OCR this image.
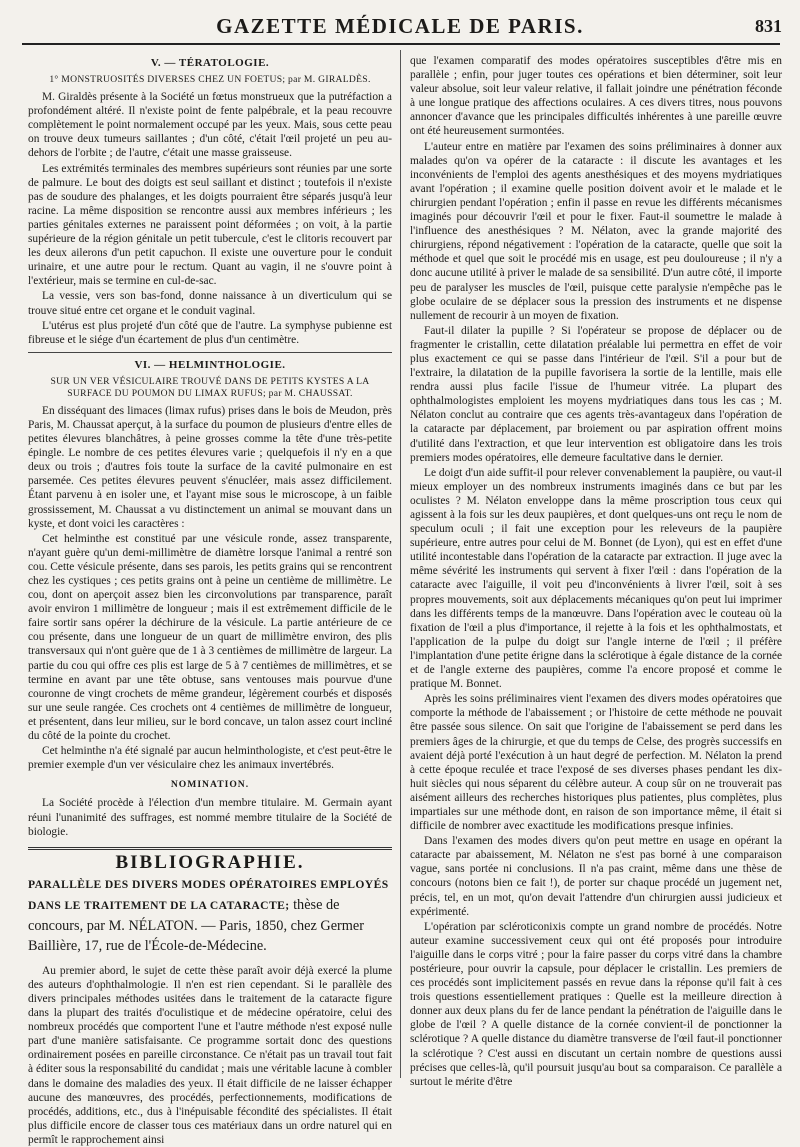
GAZETTE MÉDICALE DE PARIS.	831
V. — TÉRATOLOGIE.
1° MONSTRUOSITÉS DIVERSES CHEZ UN FOETUS; par M. GIRALDÈS.

M. Giraldès présente à la Société un fœtus monstrueux que la putréfaction a profondément altéré. Il n'existe point de fente palpébrale, et la peau recouvre complètement le point normalement occupé par les yeux. Mais, sous cette peau on trouve deux tumeurs saillantes ; d'un côté, c'était l'œil projeté un peu au-dehors de l'orbite ; de l'autre, c'était une masse graisseuse.

Les extrémités terminales des membres supérieurs sont réunies par une sorte de palmure. Le bout des doigts est seul saillant et distinct ; toutefois il n'existe pas de soudure des phalanges, et les doigts pourraient être séparés jusqu'à leur racine. La même disposition se rencontre aussi aux membres inférieurs ; les parties génitales externes ne paraissent point déformées ; on voit, à la partie supérieure de la région génitale un petit tubercule, c'est le clitoris recouvert par les deux ailerons d'un petit capuchon. Il existe une ouverture pour le conduit urinaire, et une autre pour le rectum. Quant au vagin, il ne s'ouvre point à l'extérieur, mais se termine en cul-de-sac.

La vessie, vers son bas-fond, donne naissance à un diverticulum qui se trouve situé entre cet organe et le conduit vaginal.

L'utérus est plus projeté d'un côté que de l'autre. La symphyse pubienne est fibreuse et le siége d'un écartement de plus d'un centimètre.

VI. — HELMINTHOLOGIE.
SUR UN VER VÉSICULAIRE TROUVÉ DANS DE PETITS KYSTES A LA SURFACE DU POUMON DU LIMAX RUFUS; par M. CHAUSSAT.

En disséquant des limaces (limax rufus) prises dans le bois de Meudon, près Paris, M. Chaussat aperçut, à la surface du poumon de plusieurs d'entre elles de petites élevures blanchâtres, à peine grosses comme la tête d'une très-petite épingle. Le nombre de ces petites élevures varie ; quelquefois il n'y en a que deux ou trois ; d'autres fois toute la surface de la cavité pulmonaire en est parsemée. Ces petites élevures peuvent s'énucléer, mais assez difficilement. Étant parvenu à en isoler une, et l'ayant mise sous le microscope, à un faible grossissement, M. Chaussat a vu distinctement un animal se mouvant dans un kyste, et dont voici les caractères :

Cet helminthe est constitué par une vésicule ronde, assez transparente, n'ayant guère qu'un demi-millimètre de diamètre lorsque l'animal a rentré son cou. Cette vésicule présente, dans ses parois, les petits grains qui se rencontrent chez les cystiques ; ces petits grains ont à peine un centième de millimètre. Le cou, dont on aperçoit assez bien les circonvolutions par transparence, paraît avoir environ 1 millimètre de longueur ; mais il est extrêmement difficile de le faire sortir sans opérer la déchirure de la vésicule. La partie antérieure de ce cou présente, dans une longueur de un quart de millimètre environ, des plis transversaux qui n'ont guère que de 1 à 3 centièmes de millimètre de largeur. La partie du cou qui offre ces plis est large de 5 à 7 centièmes de millimètres, et se termine en avant par une tête obtuse, sans ventouses mais pourvue d'une couronne de vingt crochets de même grandeur, légèrement courbés et disposés sur une seule rangée. Ces crochets ont 4 centièmes de millimètre de longueur, et présentent, dans leur milieu, sur le bord concave, un talon assez court incliné du côté de la pointe du crochet.

Cet helminthe n'a été signalé par aucun helminthologiste, et c'est peut-être le premier exemple d'un ver vésiculaire chez les animaux invertébrés.

NOMINATION.

La Société procède à l'élection d'un membre titulaire. M. Germain ayant réuni l'unanimité des suffrages, est nommé membre titulaire de la Société de biologie.

BIBLIOGRAPHIE.
PARALLÈLE DES DIVERS MODES OPÉRATOIRES EMPLOYÉS DANS LE TRAITEMENT DE LA CATARACTE; thèse de concours, par M. NÉLATON. — Paris, 1850, chez Germer Baillière, 17, rue de l'École-de-Médecine.

Au premier abord, le sujet de cette thèse paraît avoir déjà exercé la plume des auteurs d'ophthalmologie. Il n'en est rien cependant. Si le parallèle des divers principales méthodes usitées dans le traitement de la cataracte figure dans la plupart des traités d'oculistique et de médecine opératoire, celui des nombreux procédés que comportent l'une et l'autre méthode n'est exposé nulle part d'une manière satisfaisante. Ce programme sortait donc des questions ordinairement posées en pareille circonstance. Ce n'était pas un travail tout fait à éditer sous la responsabilité du candidat ; mais une véritable lacune à combler dans le domaine des maladies des yeux. Il était difficile de ne laisser échapper aucune des manœuvres, des procédés, perfectionnements, modifications de procédés, additions, etc., dus à l'inépuisable fécondité des spécialistes. Il était plus difficile encore de classer tous ces matériaux dans un ordre naturel qui en permît le rapprochement ainsi

que l'examen comparatif des modes opératoires susceptibles d'être mis en parallèle ; enfin, pour juger toutes ces opérations et bien déterminer, soit leur valeur absolue, soit leur valeur relative, il fallait joindre une pénétration féconde à une longue pratique des affections oculaires. A ces divers titres, nous pouvons annoncer d'avance que les principales difficultés inhérentes à une pareille œuvre ont été heureusement surmontées.

L'auteur entre en matière par l'examen des soins préliminaires à donner aux malades qu'on va opérer de la cataracte : il discute les avantages et les inconvénients de l'emploi des agents anesthésiques et des moyens mydriatiques avant l'opération ; il examine quelle position doivent avoir et le malade et le chirurgien pendant l'opération ; enfin il passe en revue les différents mécanismes imaginés pour découvrir l'œil et pour le fixer. Faut-il soumettre le malade à l'influence des anesthésiques ? M. Nélaton, avec la grande majorité des chirurgiens, répond négativement : l'opération de la cataracte, quelle que soit la méthode et quel que soit le procédé mis en usage, est peu douloureuse ; il n'y a donc aucune utilité à priver le malade de sa sensibilité. D'un autre côté, il importe peu de paralyser les muscles de l'œil, puisque cette paralysie n'empêche pas le globe oculaire de se déplacer sous la pression des instruments et ne dispense nullement de recourir à un moyen de fixation.

Faut-il dilater la pupille ? Si l'opérateur se propose de déplacer ou de fragmenter le cristallin, cette dilatation préalable lui permettra en effet de voir plus exactement ce qui se passe dans l'intérieur de l'œil. S'il a pour but de l'extraire, la dilatation de la pupille favorisera la sortie de la lentille, mais elle rendra aussi plus facile l'issue de l'humeur vitrée. La plupart des ophthalmologistes emploient les moyens mydriatiques dans tous les cas ; M. Nélaton conclut au contraire que ces agents très-avantageux dans l'opération de la cataracte par déplacement, par broiement ou par aspiration offrent moins d'utilité dans l'extraction, et que leur intervention est obligatoire dans les trois premiers modes opératoires, elle demeure facultative dans le dernier.

Le doigt d'un aide suffit-il pour relever convenablement la paupière, ou vaut-il mieux employer un des nombreux instruments imaginés dans ce but par les oculistes ? M. Nélaton enveloppe dans la même proscription tous ceux qui agissent à la fois sur les deux paupières, et dont quelques-uns ont reçu le nom de speculum oculi ; il fait une exception pour les releveurs de la paupière supérieure, entre autres pour celui de M. Bonnet (de Lyon), qui est en effet d'une utilité incontestable dans l'opération de la cataracte par extraction. Il juge avec la même sévérité les instruments qui servent à fixer l'œil : dans l'opération de la cataracte avec l'aiguille, il voit peu d'inconvénients à livrer l'œil, soit à ses propres mouvements, soit aux déplacements mécaniques qu'on peut lui imprimer dans les différents temps de la manœuvre. Dans l'opération avec le couteau où la fixation de l'œil a plus d'importance, il rejette à la fois et les ophthalmostats, et l'application de la pulpe du doigt sur l'angle interne de l'œil ; il préfère l'implantation d'une petite érigne dans la sclérotique à égale distance de la cornée et de l'angle externe des paupières, comme l'a encore proposé et comme le pratique M. Bonnet.

Après les soins préliminaires vient l'examen des divers modes opératoires que comporte la méthode de l'abaissement ; or l'histoire de cette méthode ne pouvait être passée sous silence. On sait que l'origine de l'abaissement se perd dans les premiers âges de la chirurgie, et que du temps de Celse, des progrès successifs en avaient déjà porté l'exécution à un haut degré de perfection. M. Nélaton la prend à cette époque reculée et trace l'exposé de ses diverses phases pendant les dix-huit siècles qui nous séparent du célèbre auteur. A coup sûr on ne trouverait pas aisément ailleurs des recherches historiques plus patientes, plus complètes, plus impartiales sur une méthode dont, en raison de son importance même, il était si difficile de nombrer avec exactitude les modifications presque infinies.

Dans l'examen des modes divers qu'on peut mettre en usage en opérant la cataracte par abaissement, M. Nélaton ne s'est pas borné à une comparaison vague, sans portée ni conclusions. Il n'a pas craint, même dans une thèse de concours (notons bien ce fait !), de porter sur chaque procédé un jugement net, précis, tel, en un mot, qu'on devait l'attendre d'un chirurgien aussi judicieux et expérimenté.

L'opération par scléroticonixis compte un grand nombre de procédés. Notre auteur examine successivement ceux qui ont été proposés pour introduire l'aiguille dans le corps vitré ; pour la faire passer du corps vitré dans la chambre postérieure, pour ouvrir la capsule, pour déplacer le cristallin. Les premiers de ces procédés sont implicitement passés en revue dans la réponse qu'il fait à ces trois questions essentiellement pratiques : Quelle est la meilleure direction à donner aux deux plans du fer de lance pendant la pénétration de l'aiguille dans le globe de l'œil ? A quelle distance de la cornée convient-il de ponctionner la sclérotique ? A quelle distance du diamètre transverse de l'œil faut-il ponctionner la sclérotique ? C'est aussi en discutant un certain nombre de questions aussi précises que celles-là, qu'il poursuit jusqu'au bout sa comparaison. Ce parallèle a surtout le mérite d'être
